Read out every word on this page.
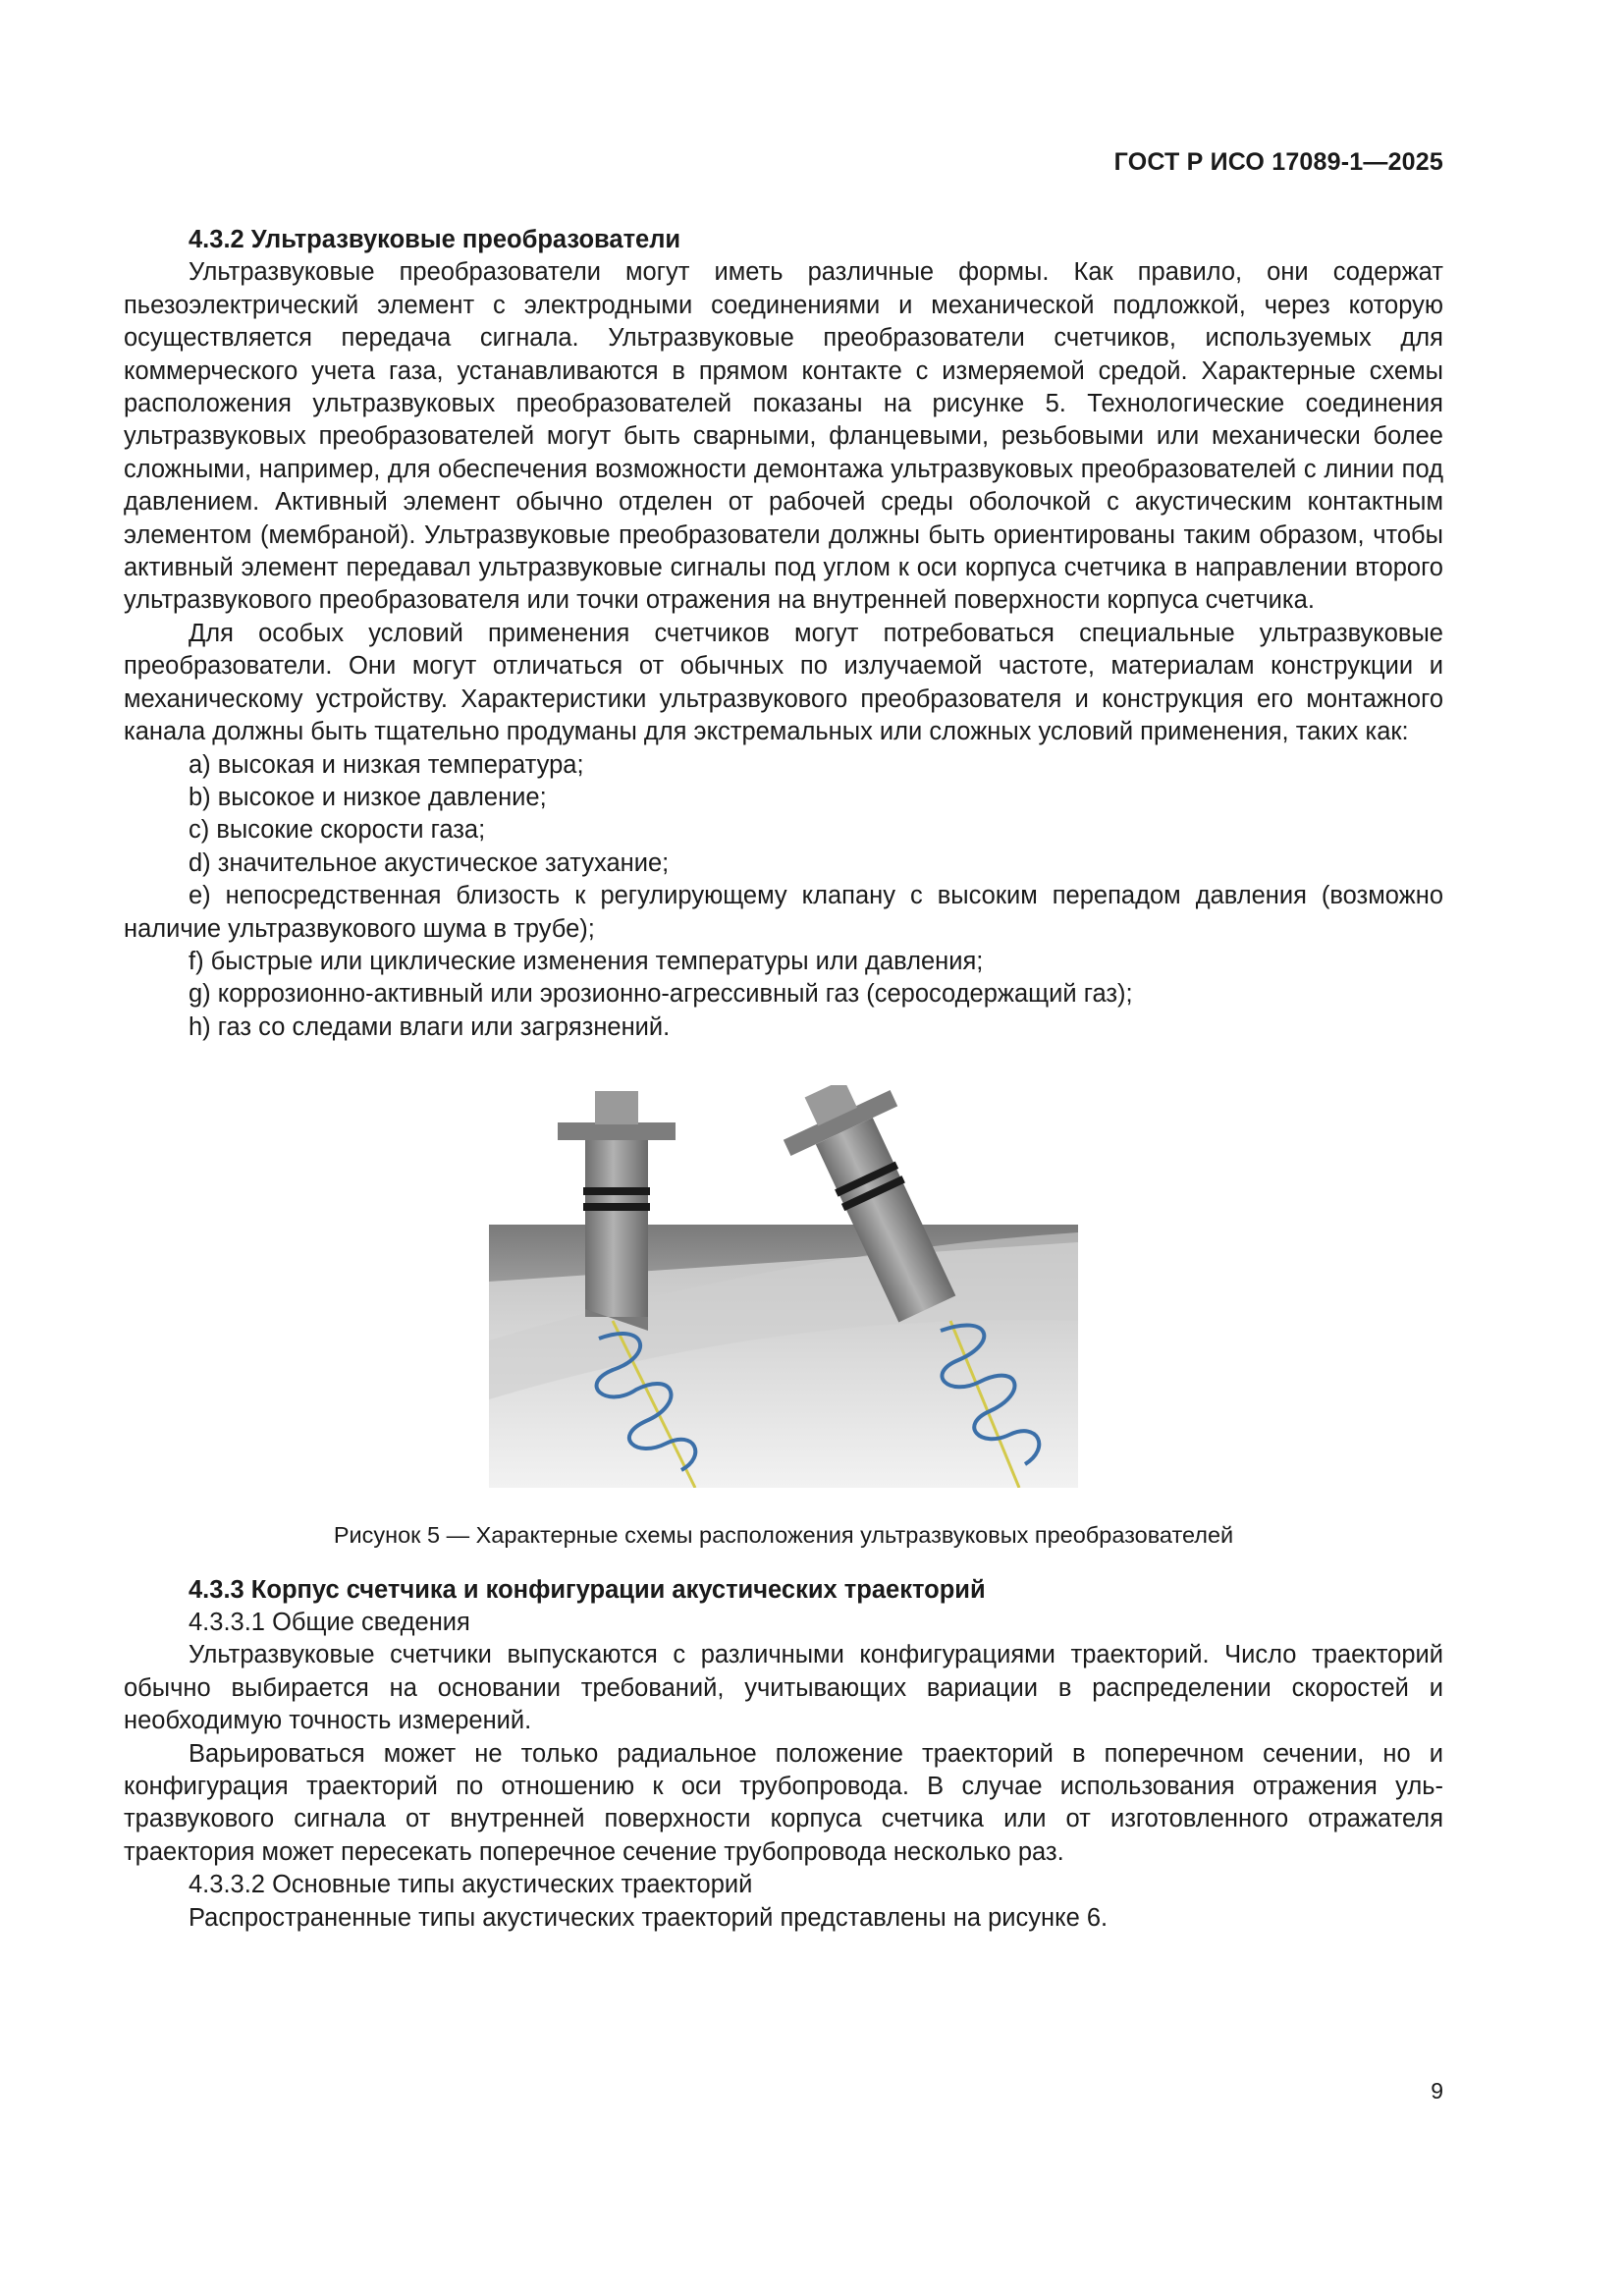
ГОСТ Р ИСО 17089-1—2025

4.3.2 Ультразвуковые преобразователи

Ультразвуковые преобразователи могут иметь различные формы. Как правило, они содержат пьезоэлектрический элемент с электродными соединениями и механической подложкой, через которую осуществляется передача сигнала. Ультразвуковые преобразователи счетчиков, используемых для коммерческого учета газа, устанавливаются в прямом контакте с измеряемой средой. Характерные схемы расположения ультразвуковых преобразователей показаны на рисунке 5. Технологические соединения ультразвуковых преобразователей могут быть сварными, фланцевыми, резьбовыми или механически более сложными, например, для обеспечения возможности демонтажа ультразвуковых преобразователей с линии под давлением. Активный элемент обычно отделен от рабочей среды оболочкой с акустическим контактным элементом (мембраной). Ультразвуковые преобразователи должны быть ориентированы таким образом, чтобы активный элемент передавал ультразвуковые сигналы под углом к оси корпуса счетчика в направлении второго ультразвукового преобразователя или точки отражения на внутренней поверхности корпуса счетчика.

Для особых условий применения счетчиков могут потребоваться специальные ультразвуковые преобразователи. Они могут отличаться от обычных по излучаемой частоте, материалам конструкции и механическому устройству. Характеристики ультразвукового преобразователя и конструкция его монтажного канала должны быть тщательно продуманы для экстремальных или сложных условий применения, таких как:

a) высокая и низкая температура;

b) высокое и низкое давление;

c) высокие скорости газа;

d) значительное акустическое затухание;

e) непосредственная близость к регулирующему клапану с высоким перепадом давления (возможно наличие ультразвукового шума в трубе);

f) быстрые или циклические изменения температуры или давления;

g) коррозионно-активный или эрозионно-агрессивный газ (серосодержащий газ);

h) газ со следами влаги или загрязнений.

Рисунок 5 — Характерные схемы расположения ультразвуковых преобразователей

4.3.3 Корпус счетчика и конфигурации акустических траекторий

4.3.3.1 Общие сведения

Ультразвуковые счетчики выпускаются с различными конфигурациями траекторий. Число траекторий обычно выбирается на основании требований, учитывающих вариации в распределении скоростей и необходимую точность измерений.

Варьироваться может не только радиальное положение траекторий в поперечном сечении, но и конфигурация траекторий по отношению к оси трубопровода. В случае использования отражения ультразвукового сигнала от внутренней поверхности корпуса счетчика или от изготовленного отражателя траектория может пересекать поперечное сечение трубопровода несколько раз.

4.3.3.2 Основные типы акустических траекторий

Распространенные типы акустических траекторий представлены на рисунке 6.

9
